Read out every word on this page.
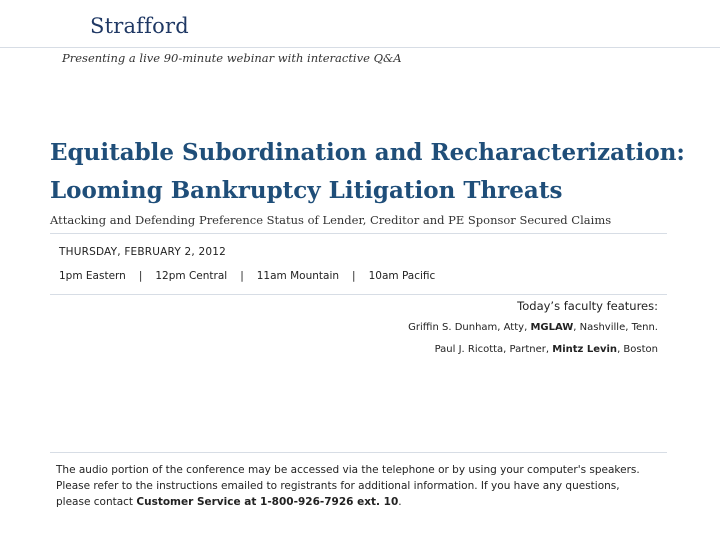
Strafford
Presenting a live 90-minute webinar with interactive Q&A
Equitable Subordination and Recharacterization:
Looming Bankruptcy Litigation Threats
Attacking and Defending Preference Status of Lender, Creditor and PE Sponsor Secured Claims
THURSDAY, FEBRUARY 2, 2012
1pm Eastern | 12pm Central | 11am Mountain | 10am Pacific
Today’s faculty features:
Griffin S. Dunham, Atty, MGLAW, Nashville, Tenn.
Paul J. Ricotta, Partner, Mintz Levin, Boston
The audio portion of the conference may be accessed via the telephone or by using your computer's speakers. Please refer to the instructions emailed to registrants for additional information. If you have any questions, please contact Customer Service at 1-800-926-7926 ext. 10.
